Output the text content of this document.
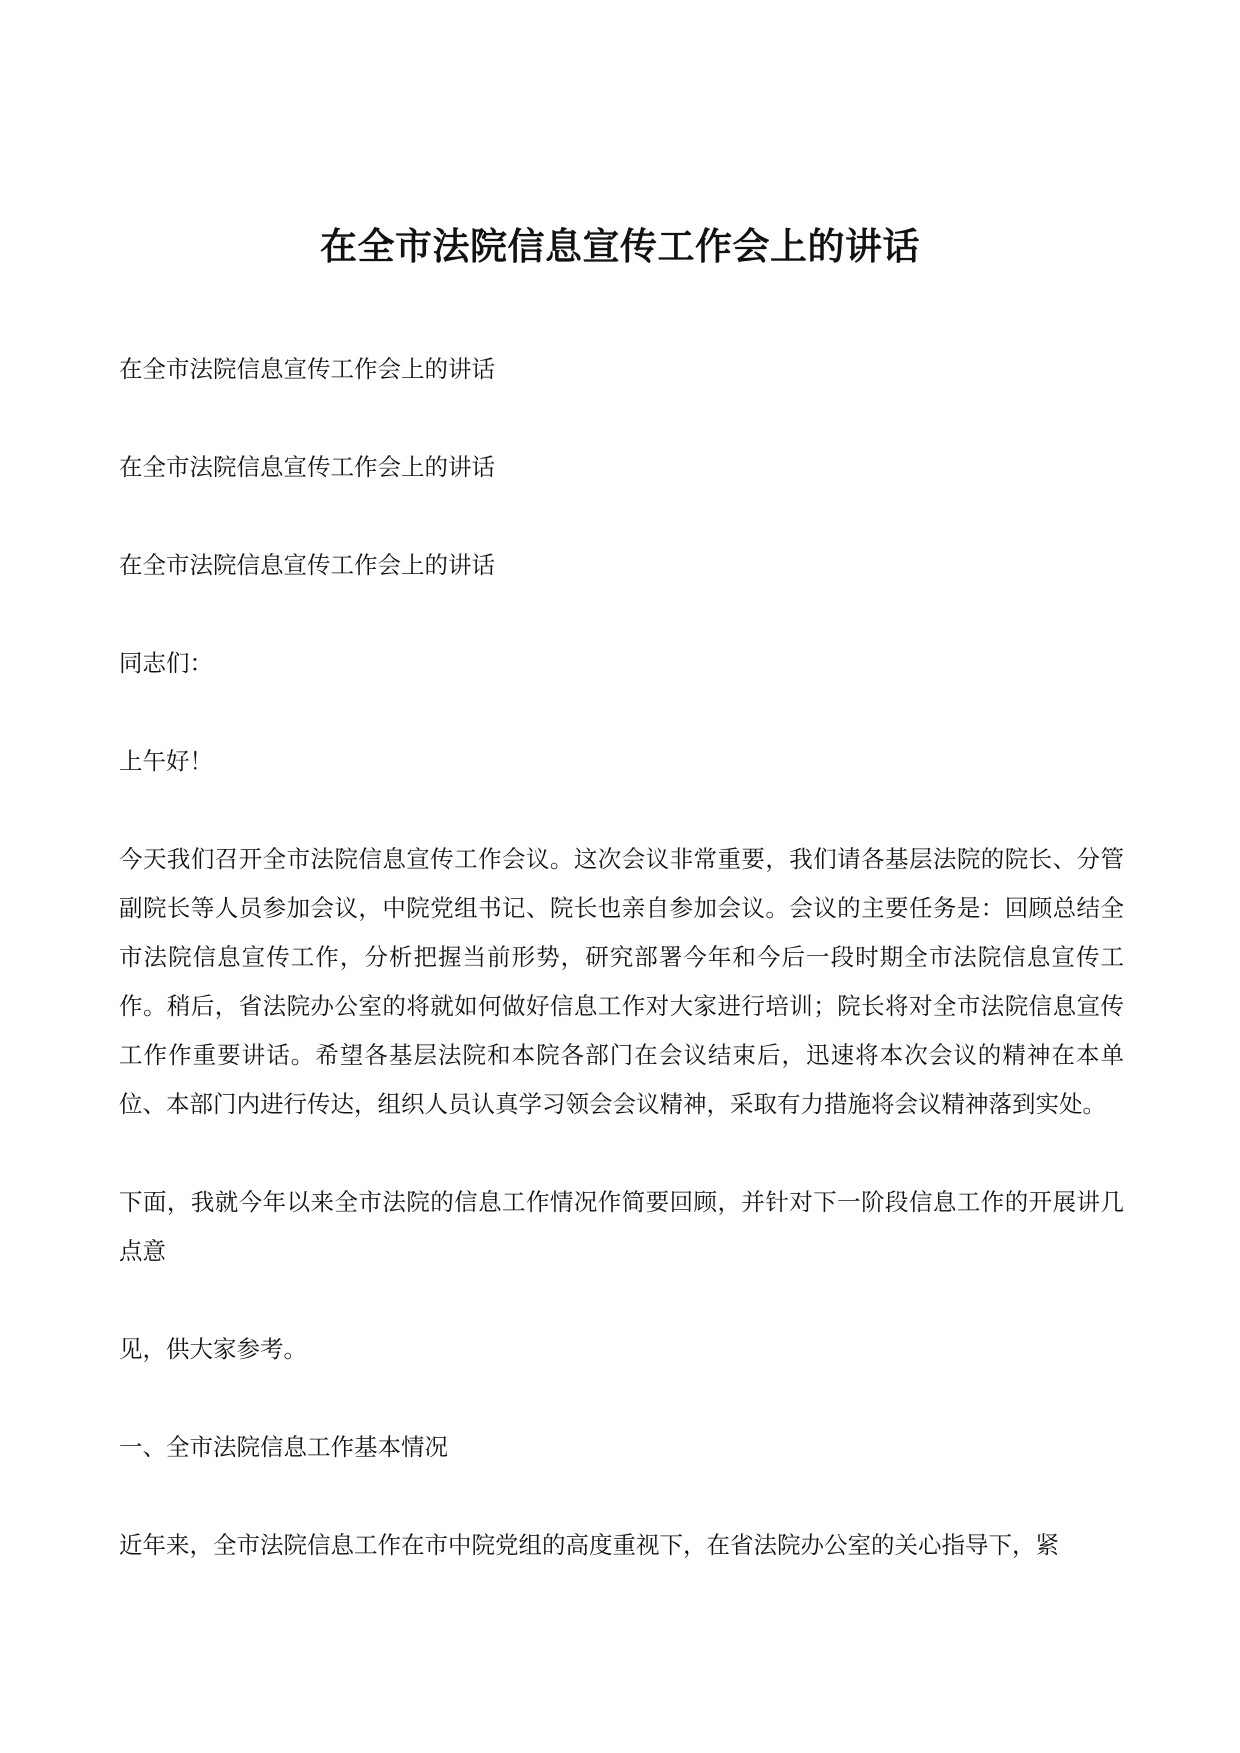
在全市法院信息宣传工作会上的讲话

在全市法院信息宣传工作会上的讲话

在全市法院信息宣传工作会上的讲话

在全市法院信息宣传工作会上的讲话

同志们：

上午好！

今天我们召开全市法院信息宣传工作会议。这次会议非常重要，我们请各基层法院的院长、分管副院长等人员参加会议，中院党组书记、院长也亲自参加会议。会议的主要任务是：回顾总结全市法院信息宣传工作，分析把握当前形势，研究部署今年和今后一段时期全市法院信息宣传工作。稍后，省法院办公室的将就如何做好信息工作对大家进行培训；院长将对全市法院信息宣传工作作重要讲话。希望各基层法院和本院各部门在会议结束后，迅速将本次会议的精神在本单位、本部门内进行传达，组织人员认真学习领会会议精神，采取有力措施将会议精神落到实处。

下面，我就今年以来全市法院的信息工作情况作简要回顾，并针对下一阶段信息工作的开展讲几点意

见，供大家参考。

一、全市法院信息工作基本情况

近年来，全市法院信息工作在市中院党组的高度重视下，在省法院办公室的关心指导下，紧
